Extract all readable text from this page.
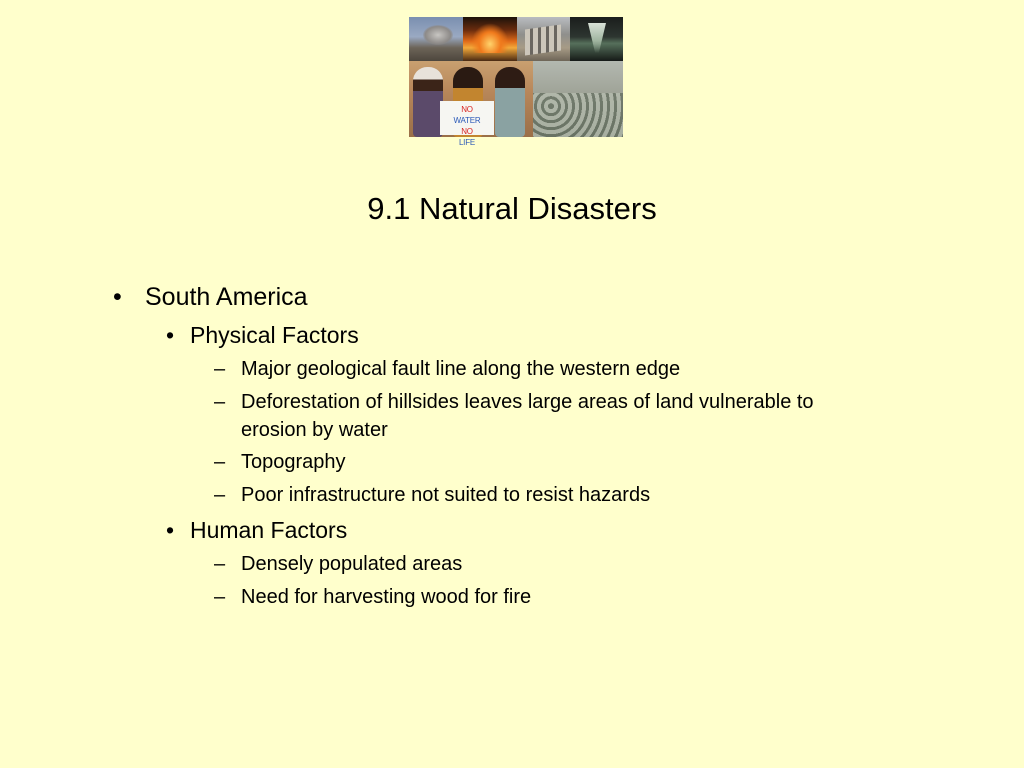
NO
WATER
NO
LIFE
9.1 Natural Disasters
• South America

• Physical Factors

– Major geological fault line along the western edge

– Deforestation of hillsides leaves large areas of land vulnerable to

erosion by water

– Topography

– Poor infrastructure not suited to resist hazards

• Human Factors

– Densely populated areas

– Need for harvesting wood for fire
